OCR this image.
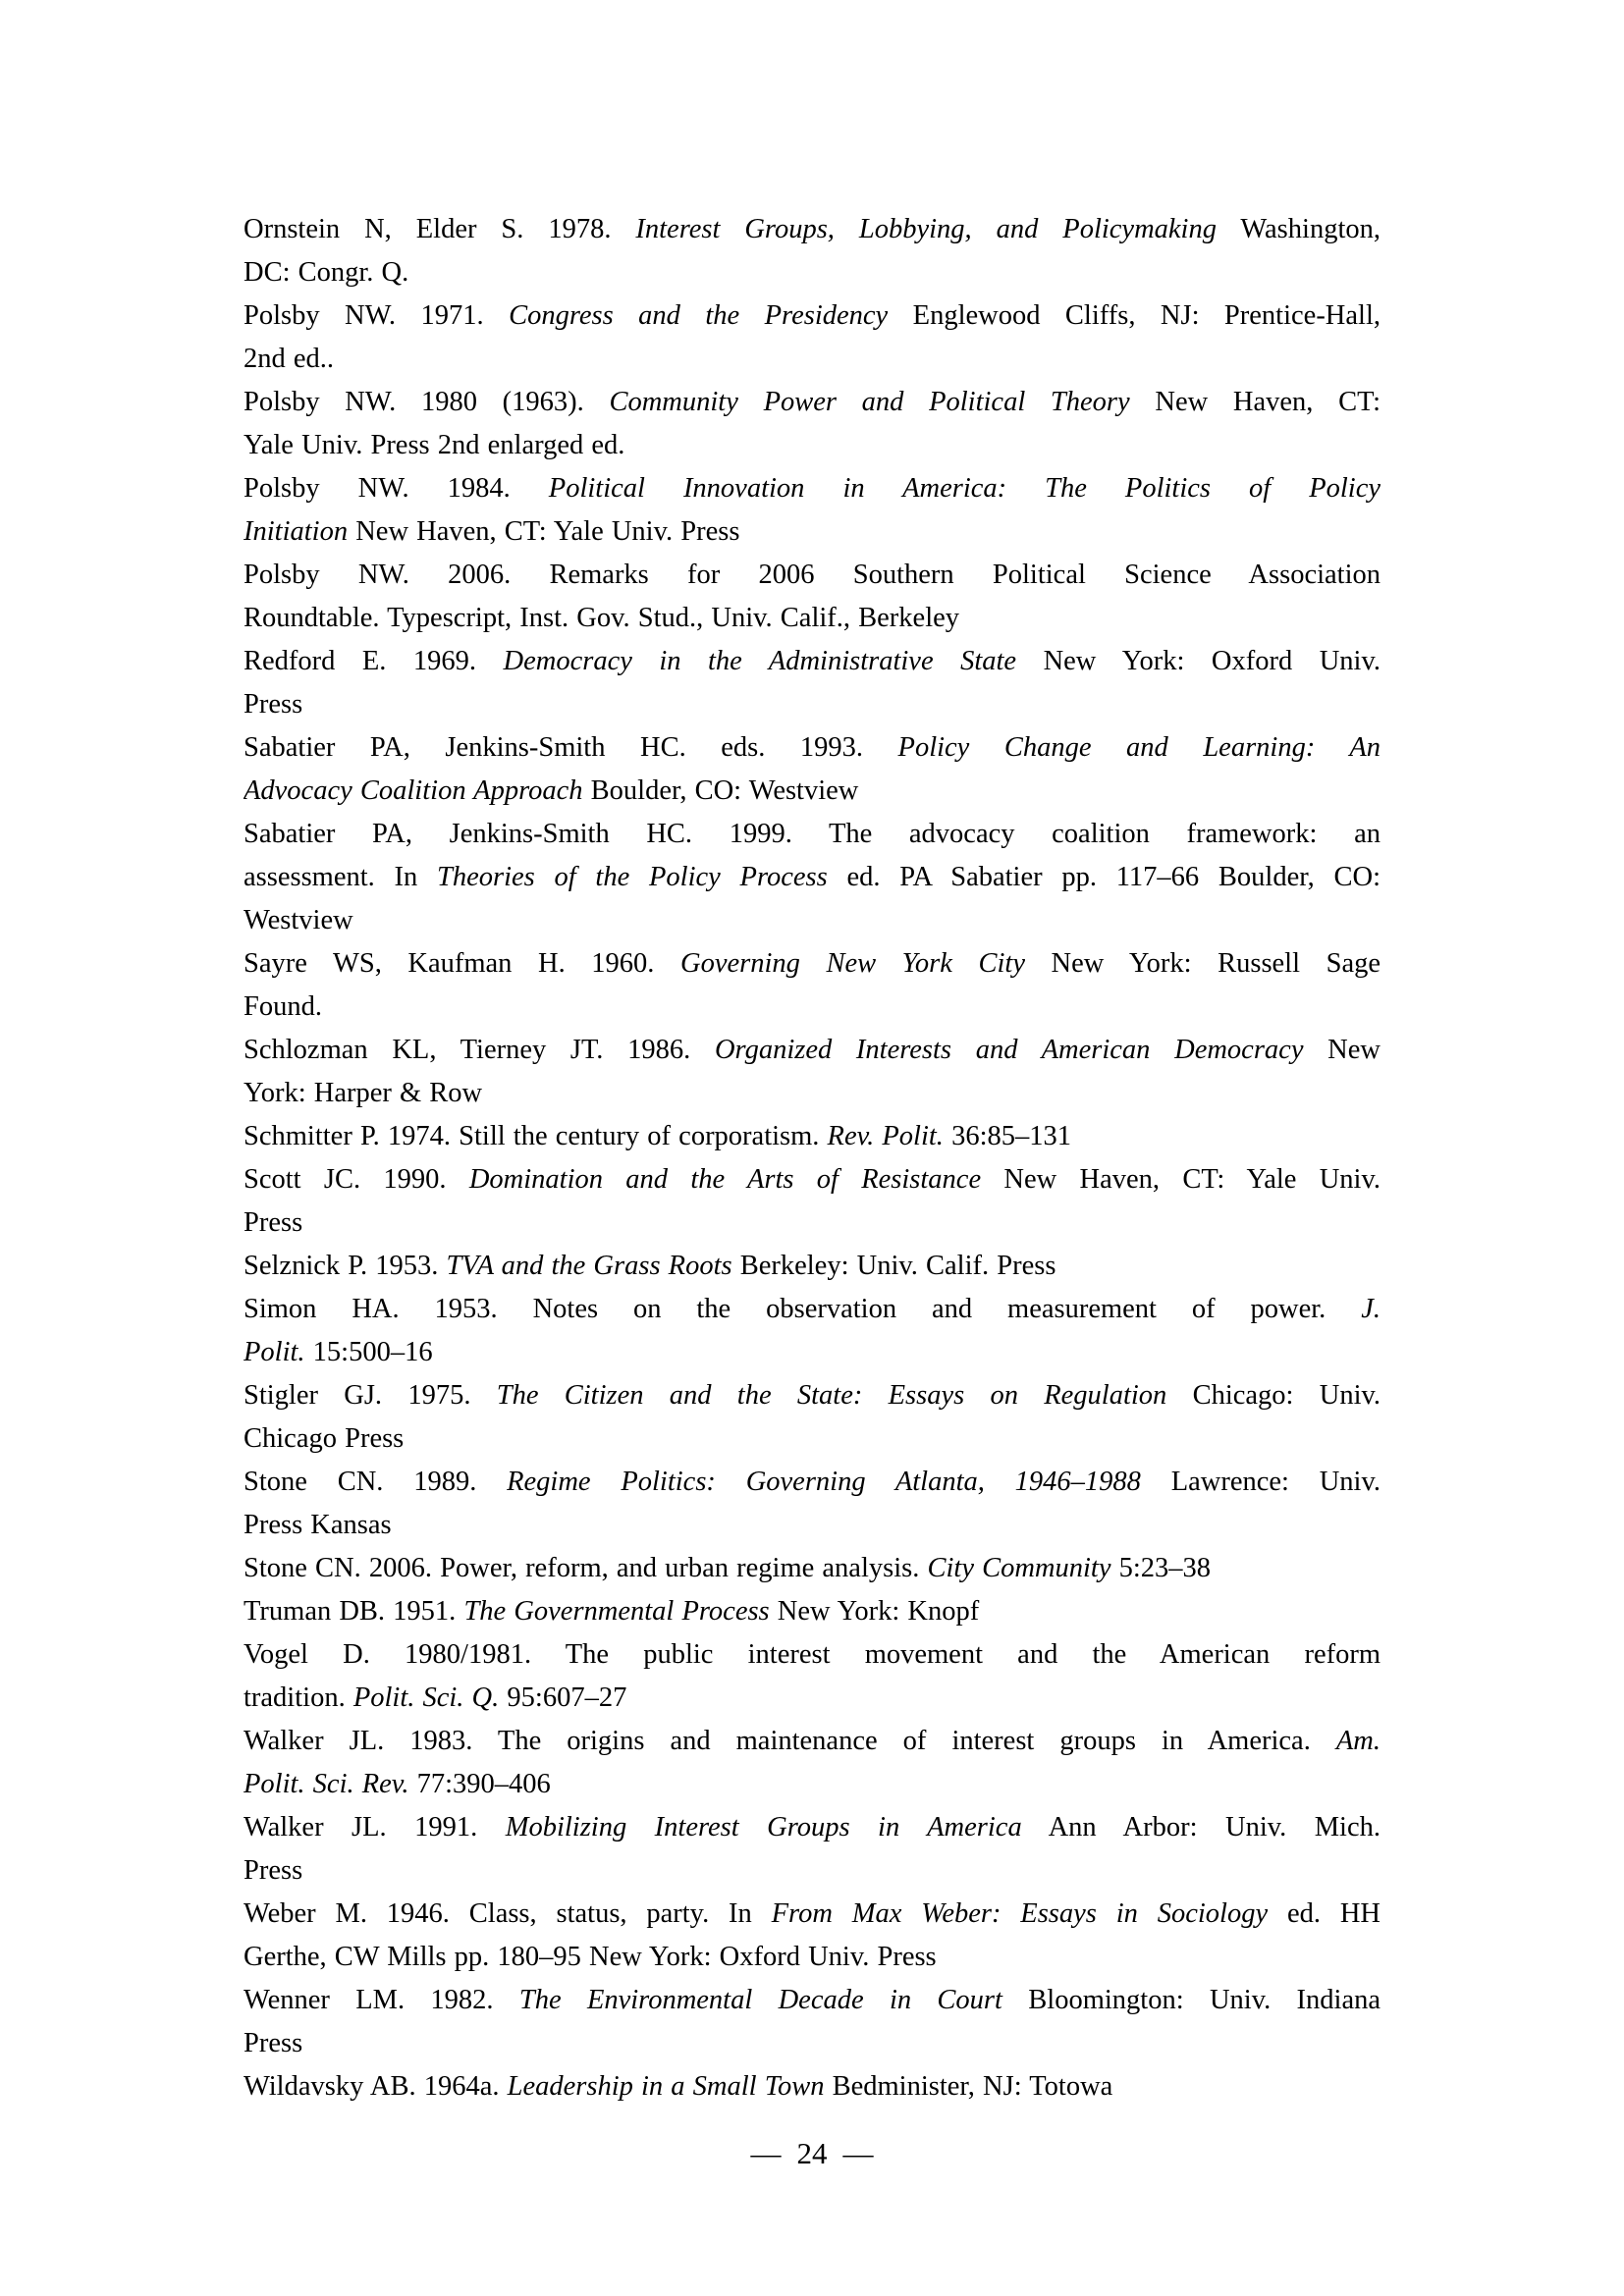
Ornstein N, Elder S. 1978. Interest Groups, Lobbying, and Policymaking Washington,
DC: Congr. Q.

Polsby NW. 1971. Congress and the Presidency Englewood Cliffs, NJ: Prentice-Hall,
2nd ed..

Polsby NW. 1980 (1963). Community Power and Political Theory New Haven, CT:
Yale Univ. Press 2nd enlarged ed.

Polsby NW. 1984. Political Innovation in America: The Politics of Policy
Initiation New Haven, CT: Yale Univ. Press

Polsby NW. 2006. Remarks for 2006 Southern Political Science Association
Roundtable. Typescript, Inst. Gov. Stud., Univ. Calif., Berkeley

Redford E. 1969. Democracy in the Administrative State New York: Oxford Univ.
Press

Sabatier PA, Jenkins-Smith HC. eds. 1993. Policy Change and Learning: An
Advocacy Coalition Approach Boulder, CO: Westview

Sabatier PA, Jenkins-Smith HC. 1999. The advocacy coalition framework: an
assessment. In Theories of the Policy Process ed. PA Sabatier pp. 117–66 Boulder, CO:
Westview

Sayre WS, Kaufman H. 1960. Governing New York City New York: Russell Sage
Found.

Schlozman KL, Tierney JT. 1986. Organized Interests and American Democracy New
York: Harper & Row

Schmitter P. 1974. Still the century of corporatism. Rev. Polit. 36:85–131

Scott JC. 1990. Domination and the Arts of Resistance New Haven, CT: Yale Univ.
Press

Selznick P. 1953. TVA and the Grass Roots Berkeley: Univ. Calif. Press

Simon HA. 1953. Notes on the observation and measurement of power. J.
Polit. 15:500–16

Stigler GJ. 1975. The Citizen and the State: Essays on Regulation Chicago: Univ.
Chicago Press

Stone CN. 1989. Regime Politics: Governing Atlanta, 1946–1988 Lawrence: Univ.
Press Kansas

Stone CN. 2006. Power, reform, and urban regime analysis. City Community 5:23–38

Truman DB. 1951. The Governmental Process New York: Knopf

Vogel D. 1980/1981. The public interest movement and the American reform
tradition. Polit. Sci. Q. 95:607–27

Walker JL. 1983. The origins and maintenance of interest groups in America. Am.
Polit. Sci. Rev. 77:390–406

Walker JL. 1991. Mobilizing Interest Groups in America Ann Arbor: Univ. Mich.
Press

Weber M. 1946. Class, status, party. In From Max Weber: Essays in Sociology ed. HH
Gerthe, CW Mills pp. 180–95 New York: Oxford Univ. Press

Wenner LM. 1982. The Environmental Decade in Court Bloomington: Univ. Indiana
Press

Wildavsky AB. 1964a. Leadership in a Small Town Bedminister, NJ: Totowa

— 24 —
